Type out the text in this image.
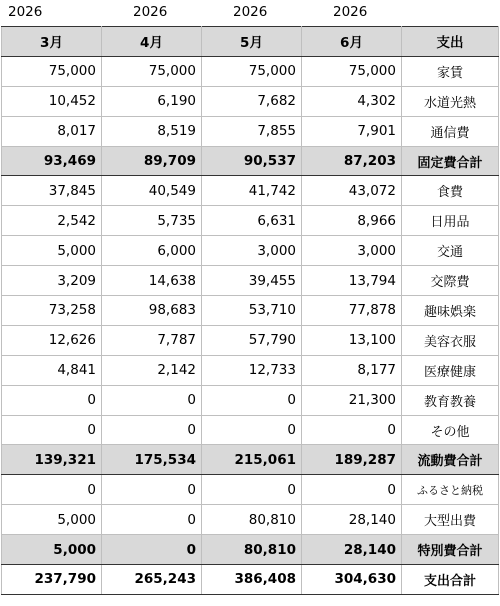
2026	2026	2026	2026
3月	4月	5月	6月	支出
75,000	75,000	75,000	75,000	家賃
10,452	6,190	7,682	4,302	水道光熱
8,017	8,519	7,855	7,901	通信費
93,469	89,709	90,537	87,203	固定費合計
37,845	40,549	41,742	43,072	食費
2,542	5,735	6,631	8,966	日用品
5,000	6,000	3,000	3,000	交通
3,209	14,638	39,455	13,794	交際費
73,258	98,683	53,710	77,878	趣味娯楽
12,626	7,787	57,790	13,100	美容衣服
4,841	2,142	12,733	8,177	医療健康
0	0	0	21,300	教育教養
0	0	0	0	その他
139,321	175,534	215,061	189,287	流動費合計
0	0	0	0	ふるさと納税
5,000	0	80,810	28,140	大型出費
5,000	0	80,810	28,140	特別費合計
237,790	265,243	386,408	304,630	支出合計
